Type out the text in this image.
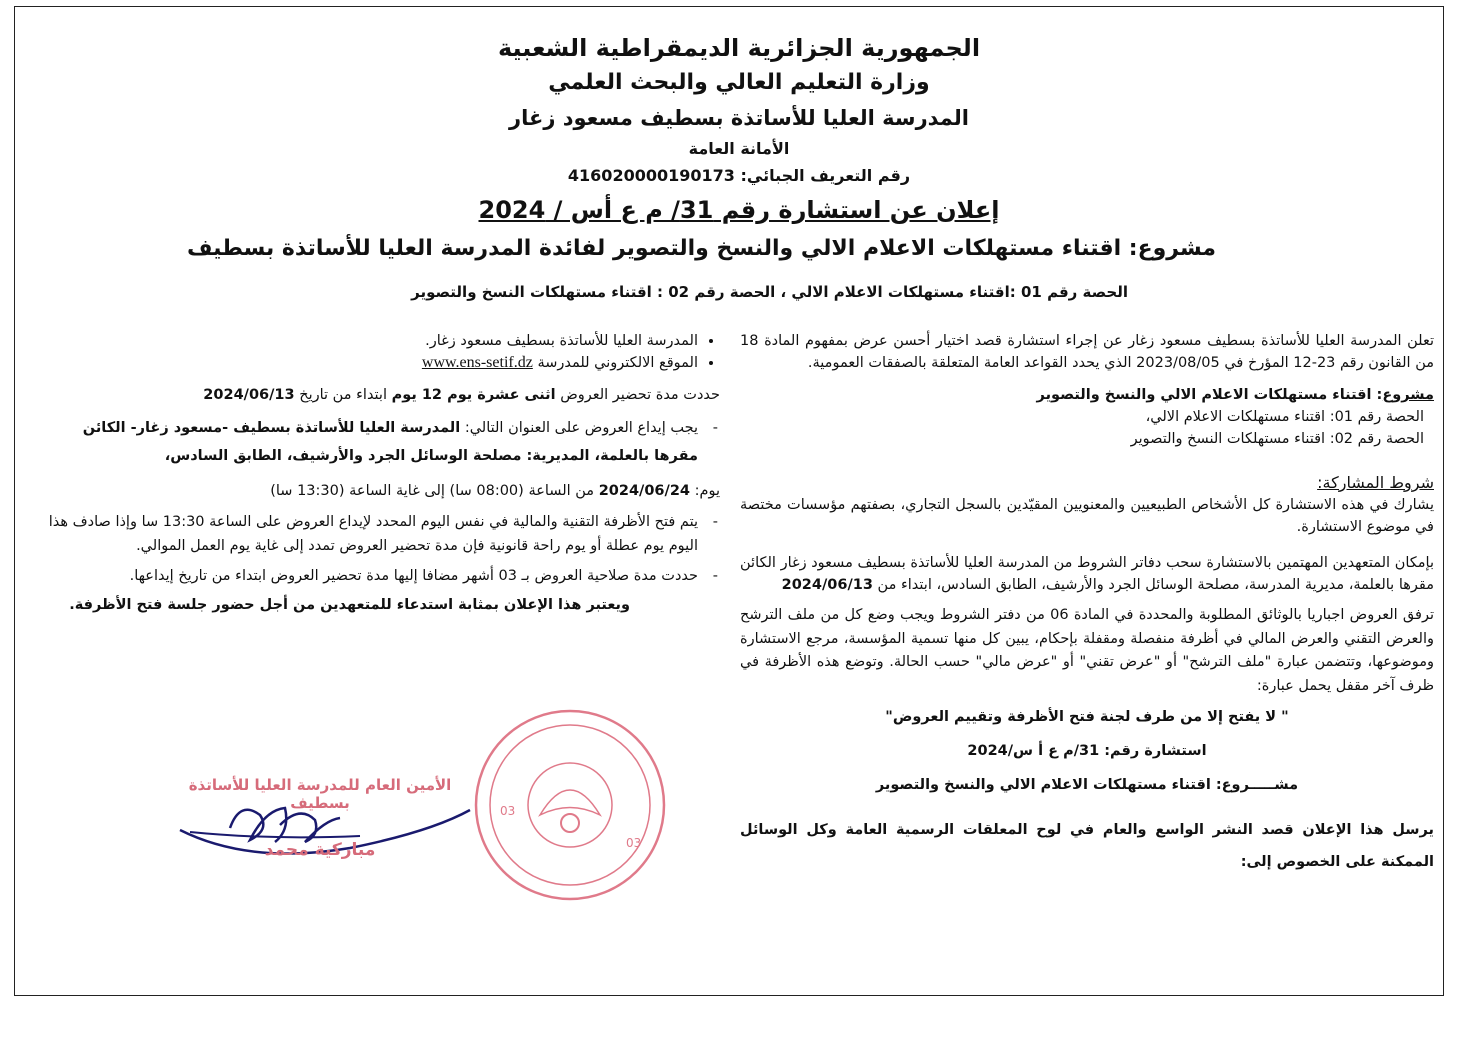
الجمهورية الجزائرية الديمقراطية الشعبية
وزارة التعليم العالي والبحث العلمي
المدرسة العليا للأساتذة بسطيف مسعود زغار
الأمانة العامة
رقم التعريف الجبائي: 416020000190173
إعلان عن استشارة رقم 31/ م ع أس / 2024
مشروع: اقتناء مستهلكات الاعلام الالي والنسخ والتصوير لفائدة المدرسة العليا للأساتذة بسطيف
الحصة رقم 01 :اقتناء مستهلكات الاعلام الالي ، الحصة رقم 02 : اقتناء مستهلكات النسخ والتصوير

تعلن المدرسة العليا للأساتذة بسطيف مسعود زغار عن إجراء استشارة قصد اختيار أحسن عرض بمفهوم المادة 18 من القانون رقم 23-12 المؤرخ في 2023/08/05 الذي يحدد القواعد العامة المتعلقة بالصفقات العمومية.

مشروع: اقتناء مستهلكات الاعلام الالي والنسخ والتصوير
الحصة رقم 01: اقتناء مستهلكات الاعلام الالي،
الحصة رقم 02: اقتناء مستهلكات النسخ والتصوير
شروط المشاركة:

يشارك في هذه الاستشارة كل الأشخاص الطبيعيين والمعنويين المقيّدين بالسجل التجاري، بصفتهم مؤسسات مختصة في موضوع الاستشارة.

بإمكان المتعهدين المهتمين بالاستشارة سحب دفاتر الشروط من المدرسة العليا للأساتذة بسطيف مسعود زغار الكائن مقرها بالعلمة، مديرية المدرسة، مصلحة الوسائل الجرد والأرشيف، الطابق السادس، ابتداء من 2024/06/13

ترفق العروض اجباريا بالوثائق المطلوبة والمحددة في المادة 06 من دفتر الشروط ويجب وضع كل من ملف الترشح والعرض التقني والعرض المالي في أظرفة منفصلة ومقفلة بإحكام، يبين كل منها تسمية المؤسسة، مرجع الاستشارة وموضوعها، وتتضمن عبارة "ملف الترشح" أو "عرض تقني" أو "عرض مالي" حسب الحالة. وتوضع هذه الأظرفة في ظرف آخر مقفل يحمل عبارة:

" لا يفتح إلا من طرف لجنة فتح الأظرفة وتقييم العروض"
استشارة رقم: 31/م ع أ س/2024
مشـــــروع: اقتناء مستهلكات الاعلام الالي والنسخ والتصوير

يرسل هذا الإعلان قصد النشر الواسع والعام في لوح المعلقات الرسمية العامة وكل الوسائل الممكنة على الخصوص إلى:

• المدرسة العليا للأساتذة بسطيف مسعود زغار.
• الموقع الالكتروني للمدرسة www.ens-setif.dz

حددت مدة تحضير العروض اثنى عشرة يوم 12 يوم ابتداء من تاريخ 2024/06/13

- يجب إيداع العروض على العنوان التالي: المدرسة العليا للأساتذة بسطيف -مسعود زغار- الكائن مقرها بالعلمة، المديرية: مصلحة الوسائل الجرد والأرشيف، الطابق السادس،

يوم: 2024/06/24 من الساعة (08:00 سا) إلى غاية الساعة (13:30 سا)

- يتم فتح الأظرفة التقنية والمالية في نفس اليوم المحدد لإيداع العروض على الساعة 13:30 سا وإذا صادف هذا اليوم يوم عطلة أو يوم راحة قانونية فإن مدة تحضير العروض تمدد إلى غاية يوم العمل الموالي.
- حددت مدة صلاحية العروض بـ 03 أشهر مضافا إليها مدة تحضير العروض ابتداء من تاريخ إيداعها.

ويعتبر هذا الإعلان بمثابة استدعاء للمتعهدين من أجل حضور جلسة فتح الأظرفة.

03
03
الأمين العام للمدرسة العليا للأساتذة بسطيف
مباركية محمد
